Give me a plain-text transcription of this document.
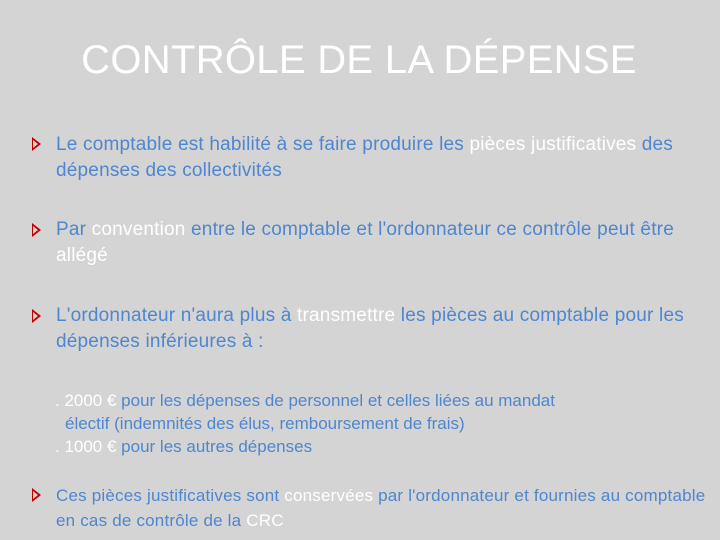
CONTRÔLE DE LA DÉPENSE
Le comptable est habilité à se faire produire les pièces justificatives des dépenses des collectivités
Par convention entre le comptable et l'ordonnateur ce contrôle peut être allégé
L'ordonnateur n'aura plus à transmettre les pièces au comptable pour les dépenses inférieures à :
. 2000 € pour les dépenses de personnel et celles liées au mandat
électif (indemnités des élus, remboursement de frais)
. 1000 € pour les autres dépenses
Ces pièces justificatives sont conservées par l'ordonnateur et fournies au comptable en cas de contrôle de la CRC
